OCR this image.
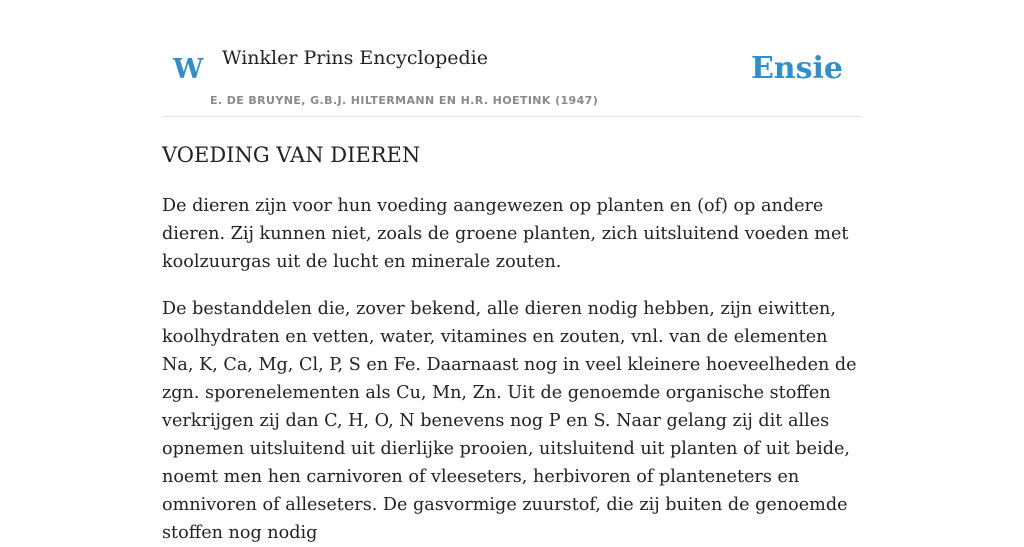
W Winkler Prins Encyclopedie
E. DE BRUYNE, G.B.J. HILTERMANN EN H.R. HOETINK (1947)
Ensie
VOEDING VAN DIEREN

De dieren zijn voor hun voeding aangewezen op planten en (of) op andere dieren. Zij kunnen niet, zoals de groene planten, zich uitsluitend voeden met koolzuurgas uit de lucht en minerale zouten.

De bestanddelen die, zover bekend, alle dieren nodig hebben, zijn eiwitten, koolhydraten en vetten, water, vitamines en zouten, vnl. van de elementen Na, K, Ca, Mg, Cl, P, S en Fe. Daarnaast nog in veel kleinere hoeveelheden de zgn. sporenelementen als Cu, Mn, Zn. Uit de genoemde organische stoffen verkrijgen zij dan C, H, O, N benevens nog P en S. Naar gelang zij dit alles opnemen uitsluitend uit dierlijke prooien, uitsluitend uit planten of uit beide, noemt men hen carnivoren of vleeseters, herbivoren of planteneters en omnivoren of alleseters. De gasvormige zuurstof, die zij buiten de genoemde stoffen nog nodig
